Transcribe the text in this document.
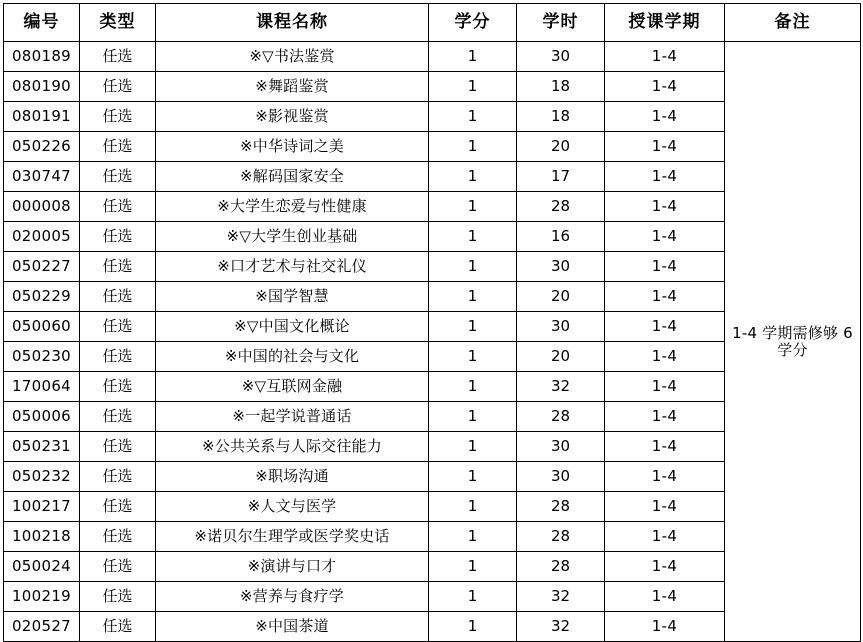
编号	类型	课程名称	学分	学时	授课学期	备注
080189	任选	※▽书法鉴赏	1	30	1-4	1-4 学期需修够 6 学分
080190	任选	※舞蹈鉴赏	1	18	1-4	
080191	任选	※影视鉴赏	1	18	1-4	
050226	任选	※中华诗词之美	1	20	1-4	
030747	任选	※解码国家安全	1	17	1-4	
000008	任选	※大学生恋爱与性健康	1	28	1-4	
020005	任选	※▽大学生创业基础	1	16	1-4	
050227	任选	※口才艺术与社交礼仪	1	30	1-4	
050229	任选	※国学智慧	1	20	1-4	
050060	任选	※▽中国文化概论	1	30	1-4	
050230	任选	※中国的社会与文化	1	20	1-4	
170064	任选	※▽互联网金融	1	32	1-4	
050006	任选	※一起学说普通话	1	28	1-4	
050231	任选	※公共关系与人际交往能力	1	30	1-4	
050232	任选	※职场沟通	1	30	1-4	
100217	任选	※人文与医学	1	28	1-4	
100218	任选	※诺贝尔生理学或医学奖史话	1	28	1-4	
050024	任选	※演讲与口才	1	28	1-4	
100219	任选	※营养与食疗学	1	32	1-4	
020527	任选	※中国茶道	1	32	1-4	
